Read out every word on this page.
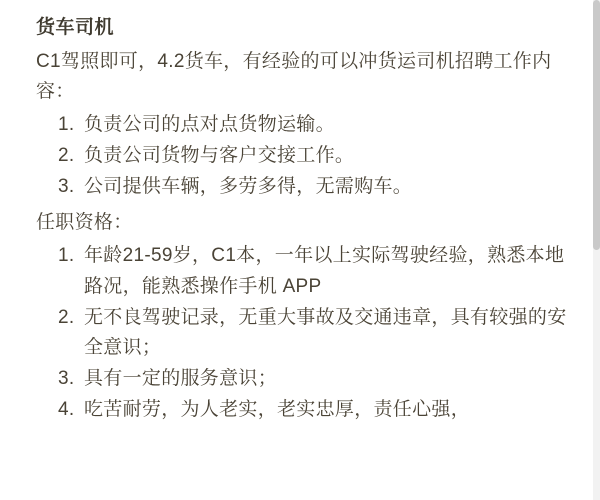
货车司机

C1驾照即可，4.2货车，有经验的可以冲货运司机招聘工作内容：

1. 负责公司的点对点货物运输。
2. 负责公司货物与客户交接工作。
3. 公司提供车辆，多劳多得，无需购车。

任职资格：

1. 年龄21-59岁，C1本，一年以上实际驾驶经验，熟悉本地路况，能熟悉操作手机 APP
2. 无不良驾驶记录，无重大事故及交通违章，具有较强的安全意识；
3. 具有一定的服务意识；
4. 吃苦耐劳，为人老实，老实忠厚，责任心强，
